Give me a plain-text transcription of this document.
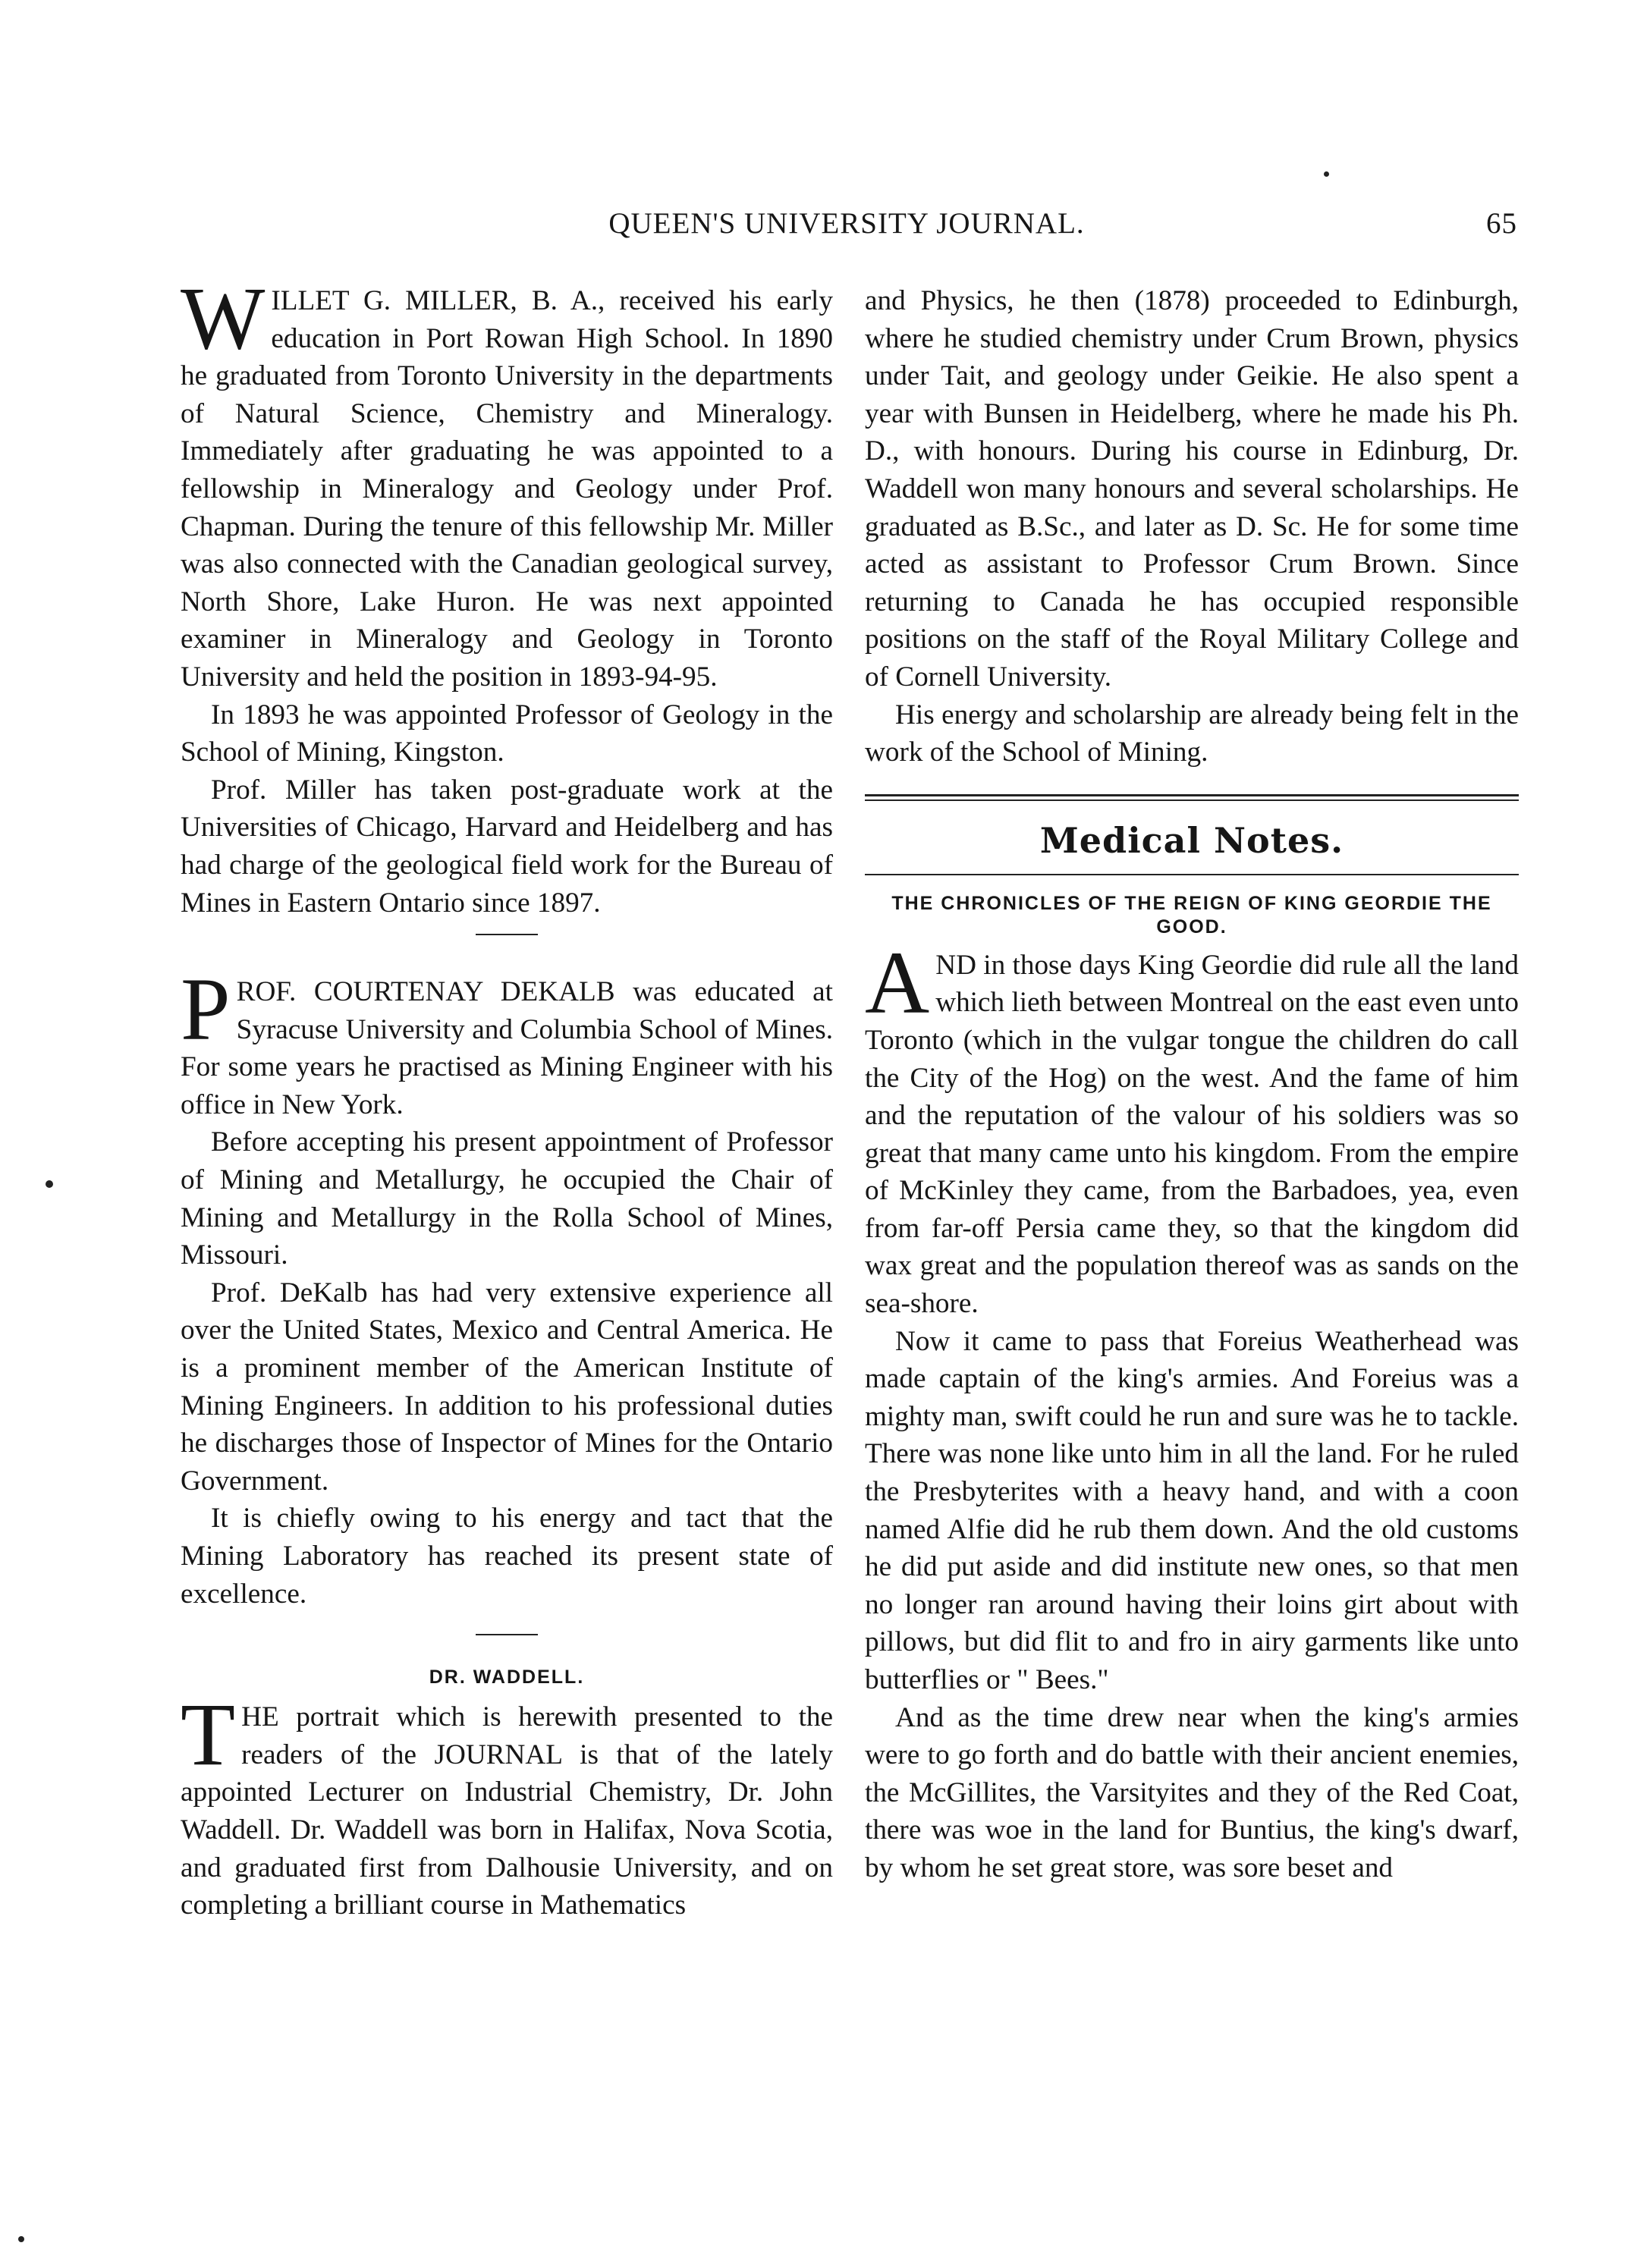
QUEEN'S UNIVERSITY JOURNAL.	65

WILLET G. MILLER, B. A., received his early education in Port Rowan High School. In 1890 he graduated from Toronto University in the departments of Natural Science, Chemistry and Mineralogy. Immediately after graduating he was appointed to a fellowship in Mineralogy and Geology under Prof. Chapman. During the tenure of this fellowship Mr. Miller was also connected with the Canadian geological survey, North Shore, Lake Huron. He was next appointed examiner in Mineralogy and Geology in Toronto University and held the position in 1893-94-95.

In 1893 he was appointed Professor of Geology in the School of Mining, Kingston.

Prof. Miller has taken post-graduate work at the Universities of Chicago, Harvard and Heidelberg and has had charge of the geological field work for the Bureau of Mines in Eastern Ontario since 1897.

PROF. COURTENAY DEKALB was educated at Syracuse University and Columbia School of Mines. For some years he practised as Mining Engineer with his office in New York.

Before accepting his present appointment of Professor of Mining and Metallurgy, he occupied the Chair of Mining and Metallurgy in the Rolla School of Mines, Missouri.

Prof. DeKalb has had very extensive experience all over the United States, Mexico and Central America. He is a prominent member of the American Institute of Mining Engineers. In addition to his professional duties he discharges those of Inspector of Mines for the Ontario Government.

It is chiefly owing to his energy and tact that the Mining Laboratory has reached its present state of excellence.

DR. WADDELL.

THE portrait which is herewith presented to the readers of the JOURNAL is that of the lately appointed Lecturer on Industrial Chemistry, Dr. John Waddell. Dr. Waddell was born in Halifax, Nova Scotia, and graduated first from Dalhousie University, and on completing a brilliant course in Mathematics

and Physics, he then (1878) proceeded to Edinburgh, where he studied chemistry under Crum Brown, physics under Tait, and geology under Geikie. He also spent a year with Bunsen in Heidelberg, where he made his Ph. D., with honours. During his course in Edinburg, Dr. Waddell won many honours and several scholarships. He graduated as B.Sc., and later as D. Sc. He for some time acted as assistant to Professor Crum Brown. Since returning to Canada he has occupied responsible positions on the staff of the Royal Military College and of Cornell University.

His energy and scholarship are already being felt in the work of the School of Mining.

Medical Notes.
THE CHRONICLES OF THE REIGN OF KING GEORDIE THE GOOD.

AND in those days King Geordie did rule all the land which lieth between Montreal on the east even unto Toronto (which in the vulgar tongue the children do call the City of the Hog) on the west. And the fame of him and the reputation of the valour of his soldiers was so great that many came unto his kingdom. From the empire of McKinley they came, from the Barbadoes, yea, even from far-off Persia came they, so that the kingdom did wax great and the population thereof was as sands on the sea-shore.

Now it came to pass that Foreius Weatherhead was made captain of the king's armies. And Foreius was a mighty man, swift could he run and sure was he to tackle. There was none like unto him in all the land. For he ruled the Presbyterites with a heavy hand, and with a coon named Alfie did he rub them down. And the old customs he did put aside and did institute new ones, so that men no longer ran around having their loins girt about with pillows, but did flit to and fro in airy garments like unto butterflies or " Bees."

And as the time drew near when the king's armies were to go forth and do battle with their ancient enemies, the McGillites, the Varsityites and they of the Red Coat, there was woe in the land for Buntius, the king's dwarf, by whom he set great store, was sore beset and
